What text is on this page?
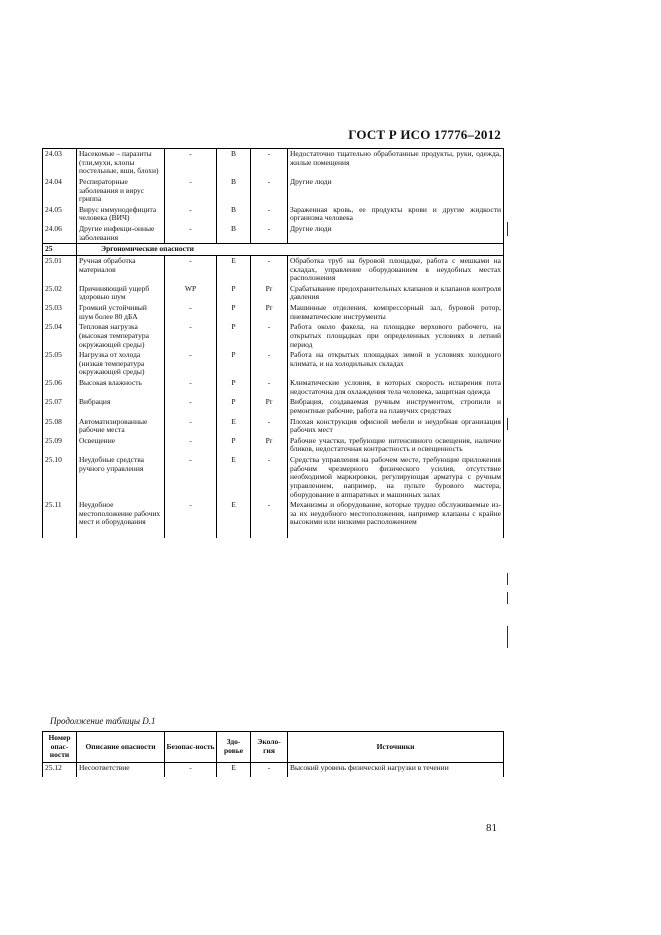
ГОСТ Р ИСО 17776–2012
24.03	Насекомые – паразиты (тли,мухи, клопы постельные, вши, блохи)	-	В	-	Недостаточно тщательно обработанные продукты, руки, одежда, жилые помещения
24.04	Респираторные заболевания и вирус гриппа	-	В	-	Другие люди
24.05	Вирус иммунодефицита человека (ВИЧ)	-	В	-	Зараженная кровь, ее продукты крови и другие жидкости организма человека
24.06	Другие инфекци-онные заболевания	-	В	-	Другие люди
25	Эргономические опасности				
25.01	Ручная обработка материалов	-	Е	-	Обработка труб на буровой площадке, работа с мешками на складах, управление оборудованием в неудобных местах расположения
25.02	Причиняющий ущерб здоровью шум	WP	Р	Рr	Срабатывание предохранительных клапанов и клапанов контроля давления
25.03	Громкий устойчивый шум более 80 дБА	-	Р	Рr	Машинные отделения, компрессорный зал, буровой ротор, пневматические инструменты
25.04	Тепловая нагрузка (высокая температура окружающей среды)	-	Р	-	Работа около факела, на площадке верхового рабочего, на открытых площадках при определенных условиях в летний период
25.05	Нагрузка от холода (низкая температура окружающей среды)	-	Р	-	Работа на открытых площадках зимой в условиях холодного климата, и на холодильных складах
25.06	Высокая влажность	-	Р	-	Климатические условия, в которых скорость испарения пота недостаточна для охлаждения тела человека, защитная одежда
25.07	Вибрация	-	Р	Рr	Вибрация, создаваемая ручным инструментом, стропили и ремонтные рабочие, работа на плавучих средствах
25.08	Автоматизированные рабочие места	-	Е	-	Плохая конструкция офисной мебели и неудобная организация рабочих мест
25.09	Освещение	-	Р	Рr	Рабочие участки, требующие интенсивного освещения, наличие бликов, недостаточная контрастность и освещенность
25.10	Неудобные средства ручного управления	-	Е	-	Средства управления на рабочем месте, требующие приложения рабочим чрезмерного физического усилия, отсутствие необходимой маркировки, регулирующая арматура с ручным управлением, например, на пульте бурового мастера, оборудование в аппаратных и машинных залах
25.11	Неудобное местоположение рабочих мест и оборудования	-	Е	-	Механизмы и оборудование, которые трудно обслуживаемые из-за их неудобного местоположения, например клапаны с крайне высокими или низкими расположением
Продолжение таблицы D.1
Номер опас-ности	Описание опасности	Безопас-ность	Здо-ровье	Эколо-гия	Источники
25.12	Несоответствие	-	Е	-	Высокий уровень физической нагрузки в течении
81
